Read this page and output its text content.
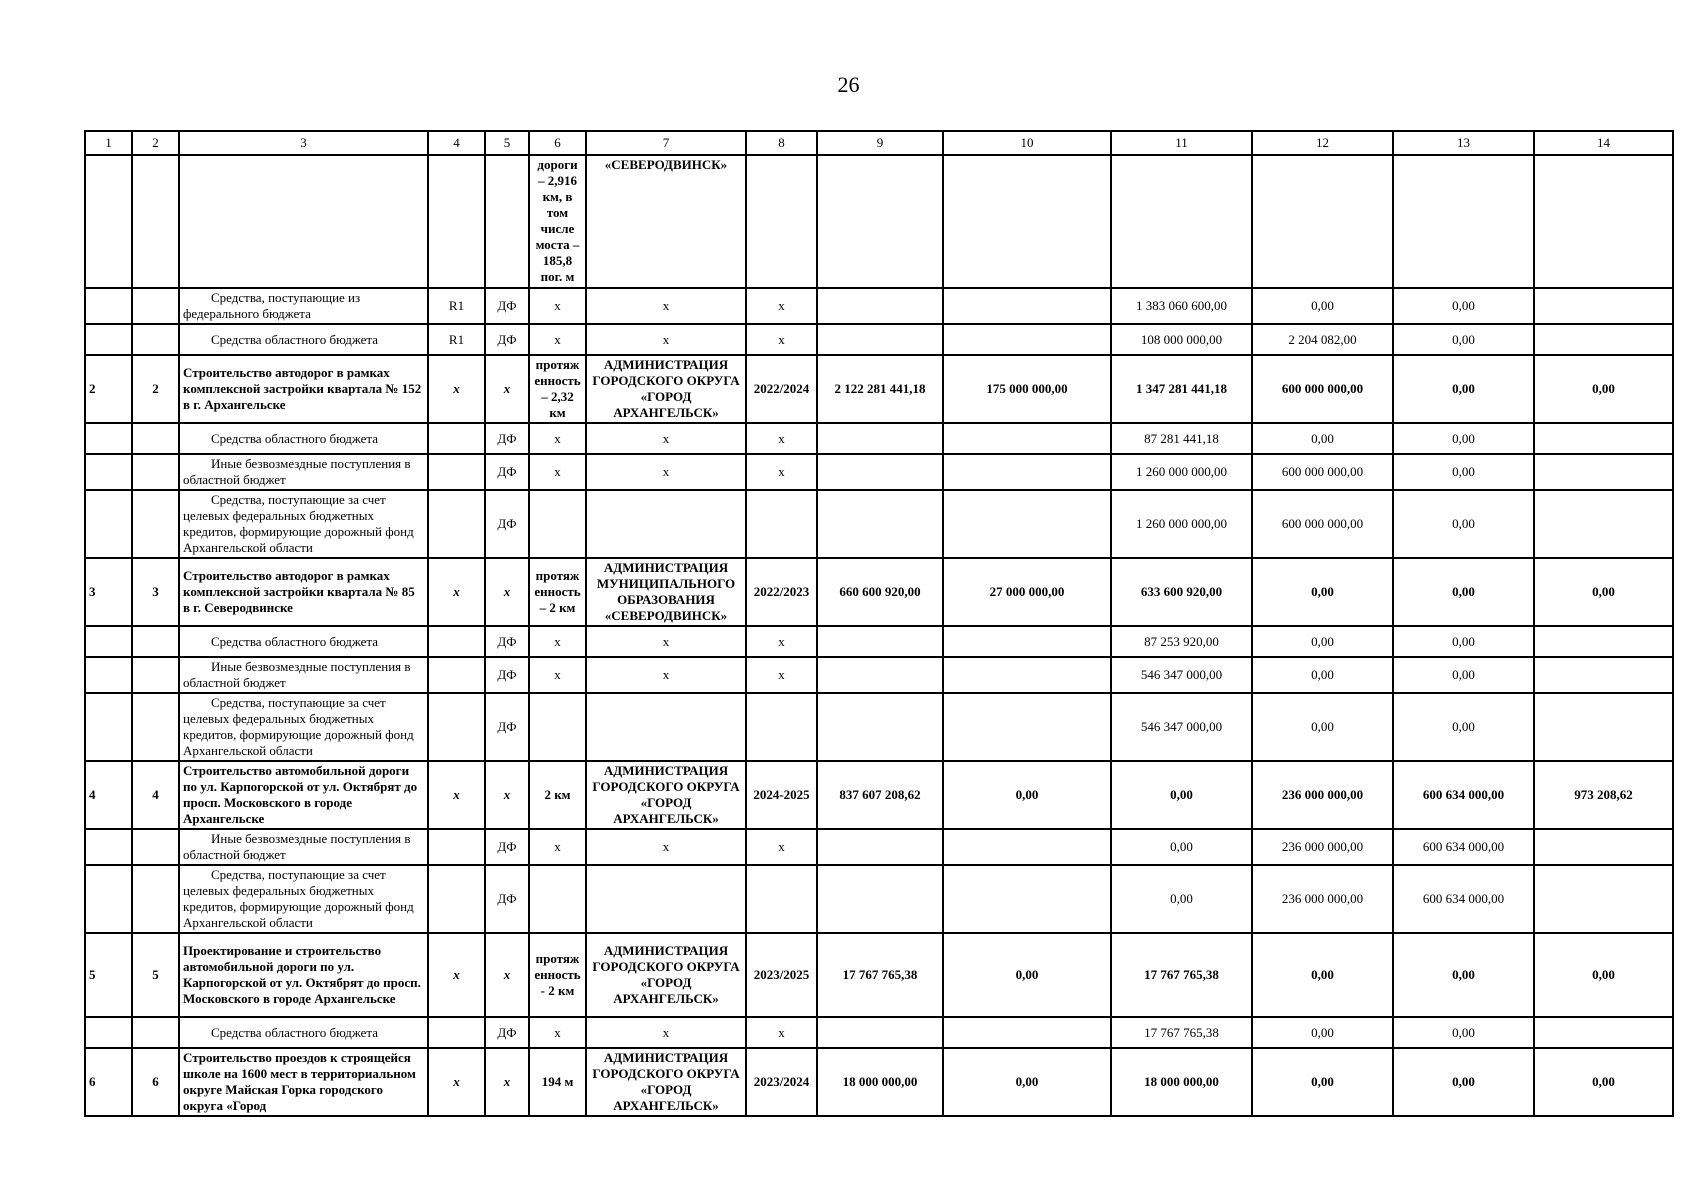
26
1	2	3	4	5	6	7	8	9	10	11	12	13	14
					дороги – 2,916 км, в том числе моста – 185,8 пог. м	«СЕВЕРОДВИНСК»							
		Средства, поступающие из федерального бюджета	R1	ДФ	x	x	x			1 383 060 600,00	0,00	0,00	
		Средства областного бюджета	R1	ДФ	x	x	x			108 000 000,00	2 204 082,00	0,00	
2	2	Строительство автодорог в рамках комплексной застройки квартала № 152 в г. Архангельске	x	x	протяженность – 2,32 км	АДМИНИСТРАЦИЯ ГОРОДСКОГО ОКРУГА «ГОРОД АРХАНГЕЛЬСК»	2022/2024	2 122 281 441,18	175 000 000,00	1 347 281 441,18	600 000 000,00	0,00	0,00
		Средства областного бюджета		ДФ	x	x	x			87 281 441,18	0,00	0,00	
		Иные безвозмездные поступления в областной бюджет		ДФ	x	x	x			1 260 000 000,00	600 000 000,00	0,00	
		Средства, поступающие за счет целевых федеральных бюджетных кредитов, формирующие дорожный фонд Архангельской области		ДФ						1 260 000 000,00	600 000 000,00	0,00	
3	3	Строительство автодорог в рамках комплексной застройки квартала № 85 в г. Северодвинске	x	x	протяженность – 2 км	АДМИНИСТРАЦИЯ МУНИЦИПАЛЬНОГО ОБРАЗОВАНИЯ «СЕВЕРОДВИНСК»	2022/2023	660 600 920,00	27 000 000,00	633 600 920,00	0,00	0,00	0,00
		Средства областного бюджета		ДФ	x	x	x			87 253 920,00	0,00	0,00	
		Иные безвозмездные поступления в областной бюджет		ДФ	x	x	x			546 347 000,00	0,00	0,00	
		Средства, поступающие за счет целевых федеральных бюджетных кредитов, формирующие дорожный фонд Архангельской области		ДФ						546 347 000,00	0,00	0,00	
4	4	Строительство автомобильной дороги по ул. Карпогорской от ул. Октябрят до просп. Московского в городе Архангельске	x	x	2 км	АДМИНИСТРАЦИЯ ГОРОДСКОГО ОКРУГА «ГОРОД АРХАНГЕЛЬСК»	2024-2025	837 607 208,62	0,00	0,00	236 000 000,00	600 634 000,00	973 208,62
		Иные безвозмездные поступления в областной бюджет		ДФ	x	x	x			0,00	236 000 000,00	600 634 000,00	
		Средства, поступающие за счет целевых федеральных бюджетных кредитов, формирующие дорожный фонд Архангельской области		ДФ						0,00	236 000 000,00	600 634 000,00	
5	5	Проектирование и строительство автомобильной дороги по ул. Карпогорской от ул. Октябрят до просп. Московского в городе Архангельске	x	x	протяженность - 2 км	АДМИНИСТРАЦИЯ ГОРОДСКОГО ОКРУГА «ГОРОД АРХАНГЕЛЬСК»	2023/2025	17 767 765,38	0,00	17 767 765,38	0,00	0,00	0,00
		Средства областного бюджета		ДФ	x	x	x			17 767 765,38	0,00	0,00	
6	6	Строительство проездов к строящейся школе на 1600 мест в территориальном округе Майская Горка городского округа «Город	x	x	194 м	АДМИНИСТРАЦИЯ ГОРОДСКОГО ОКРУГА «ГОРОД АРХАНГЕЛЬСК»	2023/2024	18 000 000,00	0,00	18 000 000,00	0,00	0,00	0,00
